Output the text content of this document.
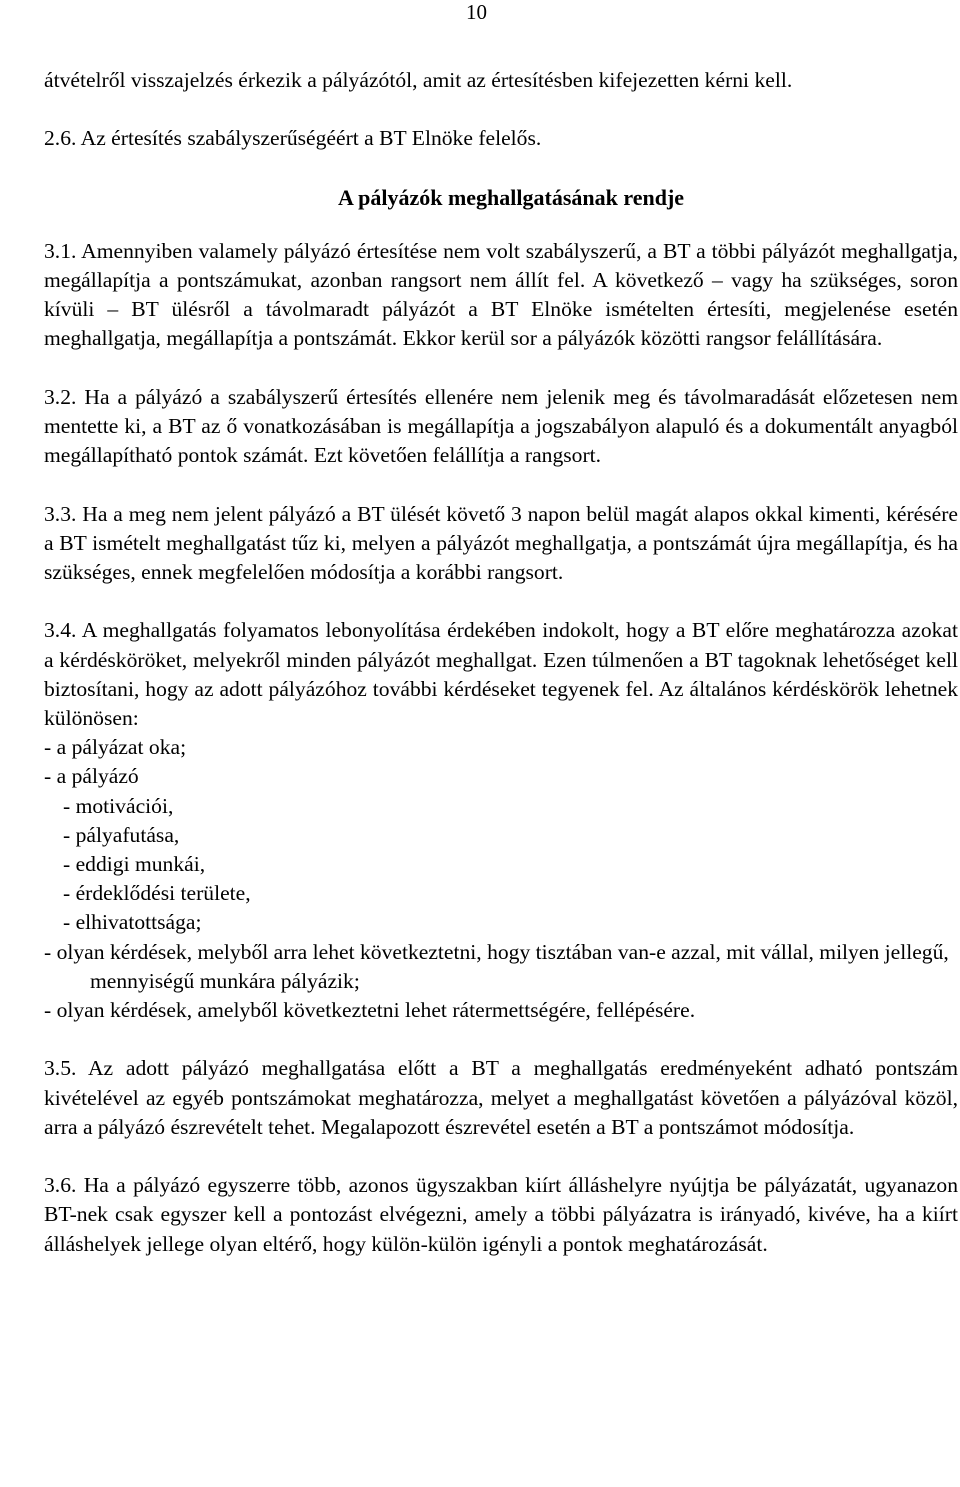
10

átvételről visszajelzés érkezik a pályázótól, amit az értesítésben kifejezetten kérni kell.

2.6. Az értesítés szabályszerűségéért a BT Elnöke felelős.

A pályázók meghallgatásának rendje

3.1. Amennyiben valamely pályázó értesítése nem volt szabályszerű, a BT a többi pályázót meghallgatja, megállapítja a pontszámukat, azonban rangsort nem állít fel. A következő – vagy ha szükséges, soron kívüli – BT ülésről a távolmaradt pályázót a BT Elnöke ismételten értesíti, megjelenése esetén meghallgatja, megállapítja a pontszámát. Ekkor kerül sor a pályázók közötti rangsor felállítására.

3.2. Ha a pályázó a szabályszerű értesítés ellenére nem jelenik meg és távolmaradását előzetesen nem mentette ki, a BT az ő vonatkozásában is megállapítja a jogszabályon alapuló és a dokumentált anyagból megállapítható pontok számát. Ezt követően felállítja a rangsort.

3.3. Ha a meg nem jelent pályázó a BT ülését követő 3 napon belül magát alapos okkal kimenti, kérésére a BT ismételt meghallgatást tűz ki, melyen a pályázót meghallgatja, a pontszámát újra megállapítja, és ha szükséges, ennek megfelelően módosítja a korábbi rangsort.

3.4. A meghallgatás folyamatos lebonyolítása érdekében indokolt, hogy a BT előre meghatározza azokat a kérdésköröket, melyekről minden pályázót meghallgat. Ezen túlmenően a BT tagoknak lehetőséget kell biztosítani, hogy az adott pályázóhoz további kérdéseket tegyenek fel. Az általános kérdéskörök lehetnek különösen:

- a pályázat oka;
- a pályázó
- motivációi,
- pályafutása,
- eddigi munkái,
- érdeklődési területe,
- elhivatottsága;
- olyan kérdések, melyből arra lehet következtetni, hogy tisztában van-e azzal, mit vállal, milyen jellegű, mennyiségű munkára pályázik;
- olyan kérdések, amelyből következtetni lehet rátermettségére, fellépésére.

3.5. Az adott pályázó meghallgatása előtt a BT a meghallgatás eredményeként adható pontszám kivételével az egyéb pontszámokat meghatározza, melyet a meghallgatást követően a pályázóval közöl, arra a pályázó észrevételt tehet. Megalapozott észrevétel esetén a BT a pontszámot módosítja.

3.6. Ha a pályázó egyszerre több, azonos ügyszakban kiírt álláshelyre nyújtja be pályázatát, ugyanazon BT-nek csak egyszer kell a pontozást elvégezni, amely a többi pályázatra is irányadó, kivéve, ha a kiírt álláshelyek jellege olyan eltérő, hogy külön-külön igényli a pontok meghatározását.
